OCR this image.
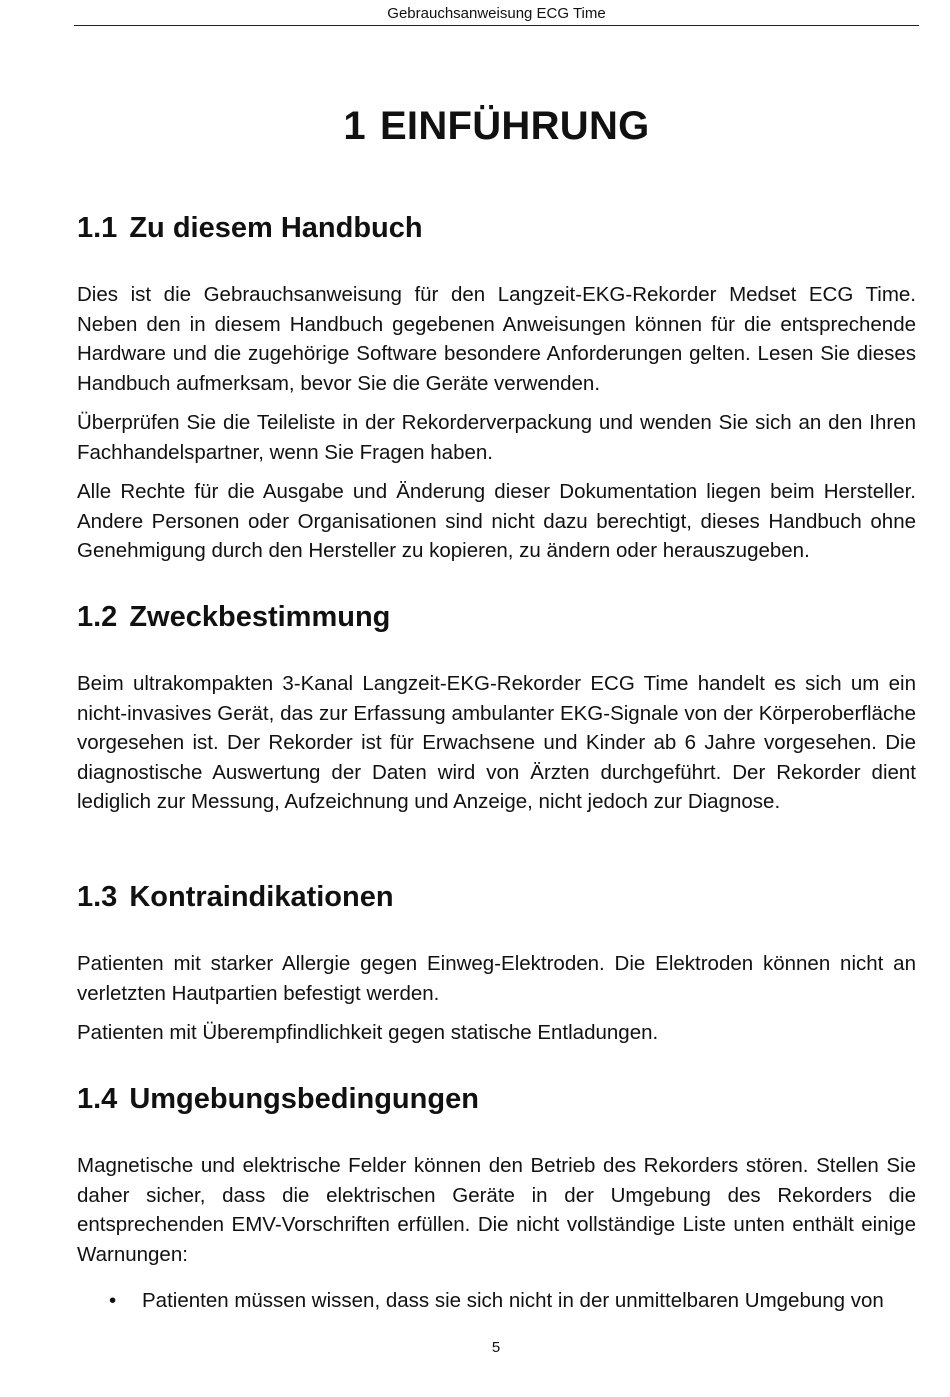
Gebrauchsanweisung ECG Time
1 EINFÜHRUNG
1.1 Zu diesem Handbuch

Dies ist die Gebrauchsanweisung für den Langzeit-EKG-Rekorder Medset ECG Time. Neben den in diesem Handbuch gegebenen Anweisungen können für die entsprechende Hardware und die zugehörige Software besondere Anforderungen gelten. Lesen Sie dieses Handbuch aufmerksam, bevor Sie die Geräte verwenden.

Überprüfen Sie die Teileliste in der Rekorderverpackung und wenden Sie sich an den Ihren Fachhandelspartner, wenn Sie Fragen haben.

Alle Rechte für die Ausgabe und Änderung dieser Dokumentation liegen beim Hersteller. Andere Personen oder Organisationen sind nicht dazu berechtigt, dieses Handbuch ohne Genehmigung durch den Hersteller zu kopieren, zu ändern oder herauszugeben.

1.2 Zweckbestimmung

Beim ultrakompakten 3-Kanal Langzeit-EKG-Rekorder ECG Time handelt es sich um ein nicht-invasives Gerät, das zur Erfassung ambulanter EKG-Signale von der Körperoberfläche vorgesehen ist. Der Rekorder ist für Erwachsene und Kinder ab 6 Jahre vorgesehen. Die diagnostische Auswertung der Daten wird von Ärzten durchgeführt. Der Rekorder dient lediglich zur Messung, Aufzeichnung und Anzeige, nicht jedoch zur Diagnose.

1.3 Kontraindikationen

Patienten mit starker Allergie gegen Einweg-Elektroden. Die Elektroden können nicht an verletzten Hautpartien befestigt werden.

Patienten mit Überempfindlichkeit gegen statische Entladungen.

1.4 Umgebungsbedingungen

Magnetische und elektrische Felder können den Betrieb des Rekorders stören. Stellen Sie daher sicher, dass die elektrischen Geräte in der Umgebung des Rekorders die entsprechenden EMV-Vorschriften erfüllen. Die nicht vollständige Liste unten enthält einige Warnungen:

• Patienten müssen wissen, dass sie sich nicht in der unmittelbaren Umgebung von
5
